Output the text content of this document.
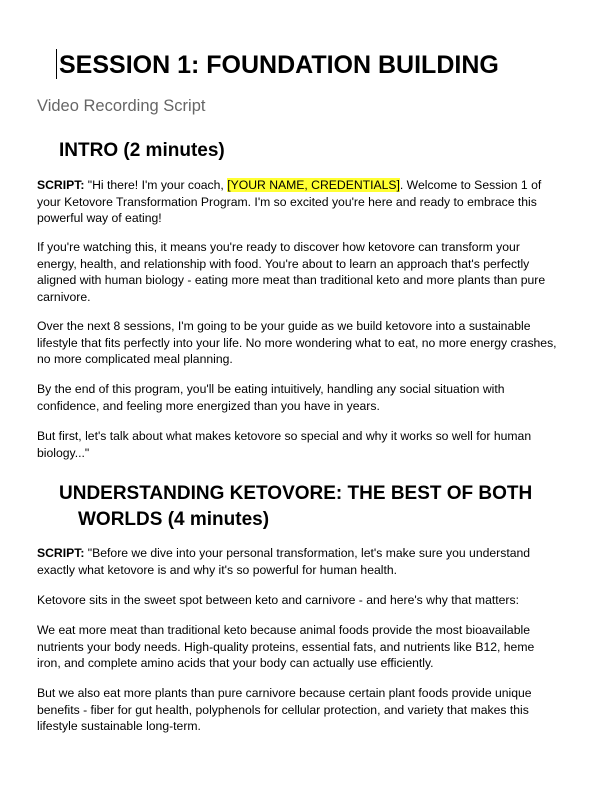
SESSION 1: FOUNDATION BUILDING

Video Recording Script

INTRO (2 minutes)

SCRIPT: "Hi there! I'm your coach, [YOUR NAME, CREDENTIALS]. Welcome to Session 1 of your Ketovore Transformation Program. I'm so excited you're here and ready to embrace this powerful way of eating!

If you're watching this, it means you're ready to discover how ketovore can transform your energy, health, and relationship with food. You're about to learn an approach that's perfectly aligned with human biology - eating more meat than traditional keto and more plants than pure carnivore.

Over the next 8 sessions, I'm going to be your guide as we build ketovore into a sustainable lifestyle that fits perfectly into your life. No more wondering what to eat, no more energy crashes, no more complicated meal planning.

By the end of this program, you'll be eating intuitively, handling any social situation with confidence, and feeling more energized than you have in years.

But first, let's talk about what makes ketovore so special and why it works so well for human biology..."

UNDERSTANDING KETOVORE: THE BEST OF BOTH
WORLDS (4 minutes)

SCRIPT: "Before we dive into your personal transformation, let's make sure you understand exactly what ketovore is and why it's so powerful for human health.

Ketovore sits in the sweet spot between keto and carnivore - and here's why that matters:

We eat more meat than traditional keto because animal foods provide the most bioavailable nutrients your body needs. High-quality proteins, essential fats, and nutrients like B12, heme iron, and complete amino acids that your body can actually use efficiently.

But we also eat more plants than pure carnivore because certain plant foods provide unique benefits - fiber for gut health, polyphenols for cellular protection, and variety that makes this lifestyle sustainable long-term.
